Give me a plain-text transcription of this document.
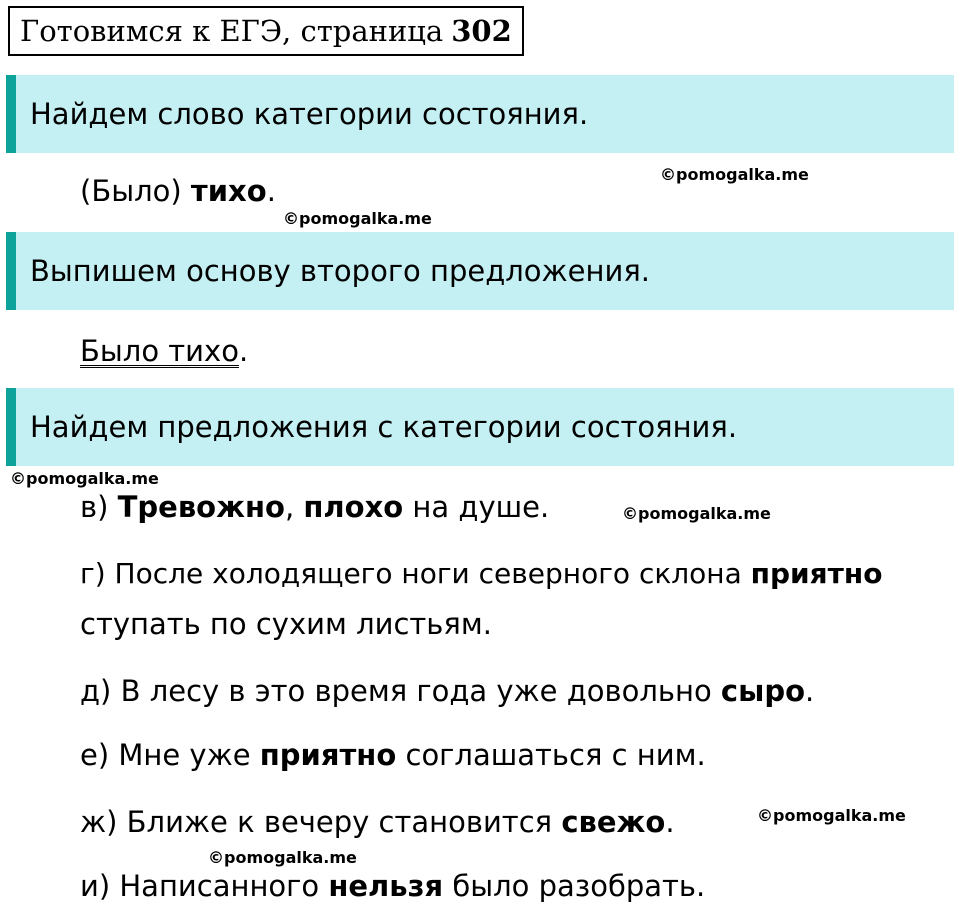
Готовимся к ЕГЭ, страница 302
Найдем слово категории состояния.
(Было) тихо.
Выпишем основу второго предложения.
Было тихо.
Найдем предложения с категории состояния.
в) Тревожно, плохо на душе.
г) После холодящего ноги северного склона приятно
ступать по сухим листьям.
д) В лесу в это время года уже довольно сыро.
е) Мне уже приятно соглашаться с ним.
ж) Ближе к вечеру становится свежо.
и) Написанного нельзя было разобрать.
©pomogalka.me
©pomogalka.me
©pomogalka.me
©pomogalka.me
©pomogalka.me
©pomogalka.me
